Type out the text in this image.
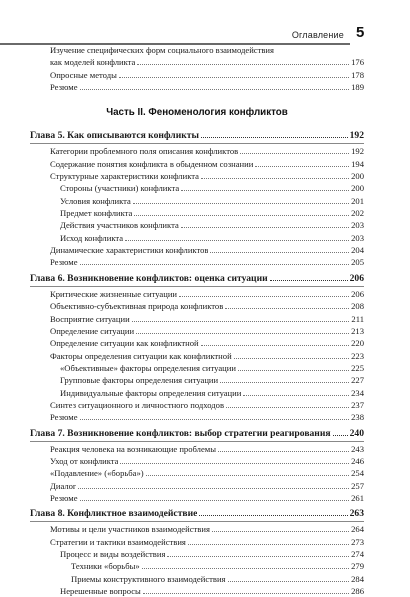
Оглавление 5
Изучение специфических форм социального взаимодействия
как моделей конфликта	176
Опросные методы	178
Резюме	189
Часть II. Феноменология конфликтов
Глава 5. Как описываются конфликты	192
Категории проблемного поля описания конфликтов	192
Содержание понятия конфликта в обыденном сознании	194
Структурные характеристики конфликта	200
Стороны (участники) конфликта	200
Условия конфликта	201
Предмет конфликта	202
Действия участников конфликта	203
Исход конфликта	203
Динамические характеристики конфликтов	204
Резюме	205
Глава 6. Возникновение конфликтов: оценка ситуации	206
Критические жизненные ситуации	206
Объективно-субъективная природа конфликтов	208
Восприятие ситуации	211
Определение ситуации	213
Определение ситуации как конфликтной	220
Факторы определения ситуации как конфликтной	223
«Объективные» факторы определения ситуации	225
Групповые факторы определения ситуации	227
Индивидуальные факторы определения ситуации	234
Синтез ситуационного и личностного подходов	237
Резюме	238
Глава 7. Возникновение конфликтов: выбор стратегии реагирования 240
Реакция человека на возникающие проблемы	243
Уход от конфликта	246
«Подавление» («борьба»)	254
Диалог	257
Резюме	261
Глава 8. Конфликтное взаимодействие	263
Мотивы и цели участников взаимодействия	264
Стратегии и тактики взаимодействия	273
Процесс и виды воздействия	274
Техники «борьбы»	279
Приемы конструктивного взаимодействия	284
Нерешенные вопросы	286
